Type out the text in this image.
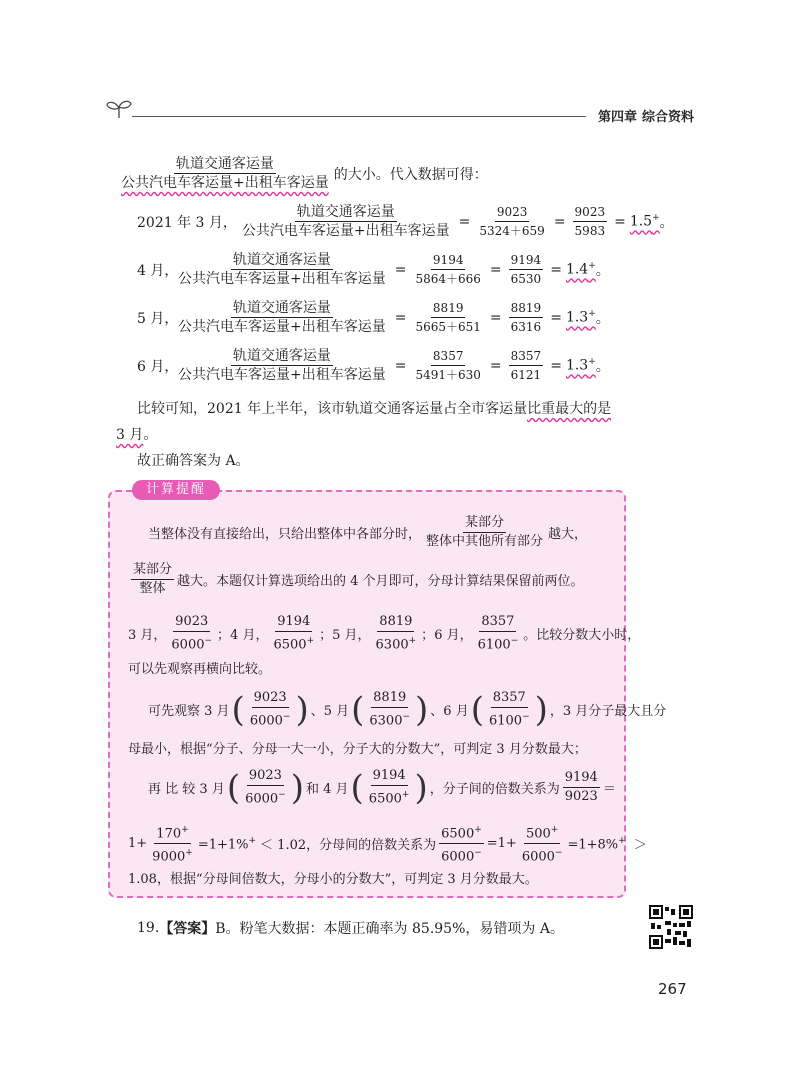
第四章 综合资料
$\frac{\text{轨道交通客运量}}{\text{公共汽电车客运量+出租车客运量}}$ 的大小。代入数据可得：
2021 年 3 月， $\frac{\text{轨道交通客运量}}{\text{公共汽电车客运量+出租车客运量}} = \frac{9023}{5324+659} = \frac{9023}{5983} = 1.5^+$ 。
4 月，
$\frac{\text{轨道交通客运量}}{\text{公共汽电车客运量+出租车客运量}} = \frac{9194}{5864+666} = \frac{9194}{6530} = 1.4^+$ 。
5 月，
$\frac{\text{轨道交通客运量}}{\text{公共汽电车客运量+出租车客运量}} = \frac{8819}{5665+651} = \frac{8819}{6316} = 1.3^+$ 。
6 月，
$\frac{\text{轨道交通客运量}}{\text{公共汽电车客运量+出租车客运量}} = \frac{8357}{5491+630} = \frac{8357}{6121} = 1.3^+$ 。
比较可知，2021 年上半年，该市轨道交通客运量占全市客运量 比重最大的是
3 月 。
故正确答案为 A。
计算提醒
当整体没有直接给出，只给出整体中各部分时， $\frac{\text{某部分}}{\text{整体中其他所有部分}}$ 越大，
$\frac{\text{某部分}}{\text{整体}}$ 越大。本题仅计算选项给出的 4 个月即可，分母计算结果保留前两位。
3 月， $\frac{9023}{6000^-}$ ； 4 月， $\frac{9194}{6500^+}$ ； 5 月， $\frac{8819}{6300^+}$ ； 6 月， $\frac{8357}{6100^-}$ 。 比较分数大小时，
可以先观察再横向比较。
可先观察 3 月 ( $\frac{9023}{6000^-}$ ) 、5 月 ( $\frac{8819}{6300^-}$ ) 、6 月 ( $\frac{8357}{6100^-}$ ) ，3 月分子最大且分
母最小，根据“分子、分母一大一小，分子大的分数大”，可判定 3 月分数最大；
再 比 较 3 月 ( $\frac{9023}{6000^-}$ ) 和 4 月 ( $\frac{9194}{6500^+}$ ) ，分子间的倍数关系为 $\frac{9194}{9023}$ ＝
$1+ \frac{170^+}{9000^+} =1+1\%^+ < 1.02$，分母间的倍数关系为 $\frac{6500^+}{6000^-} =1+ \frac{500^+}{6000^-} =1+8\%^+$ ＞
1.08，根据“分母间倍数大，分母小的分数大”，可判定 3 月分数最大。
19. 【答案】 B。粉笔大数据：本题正确率为 85.95%，易错项为 A。
267
